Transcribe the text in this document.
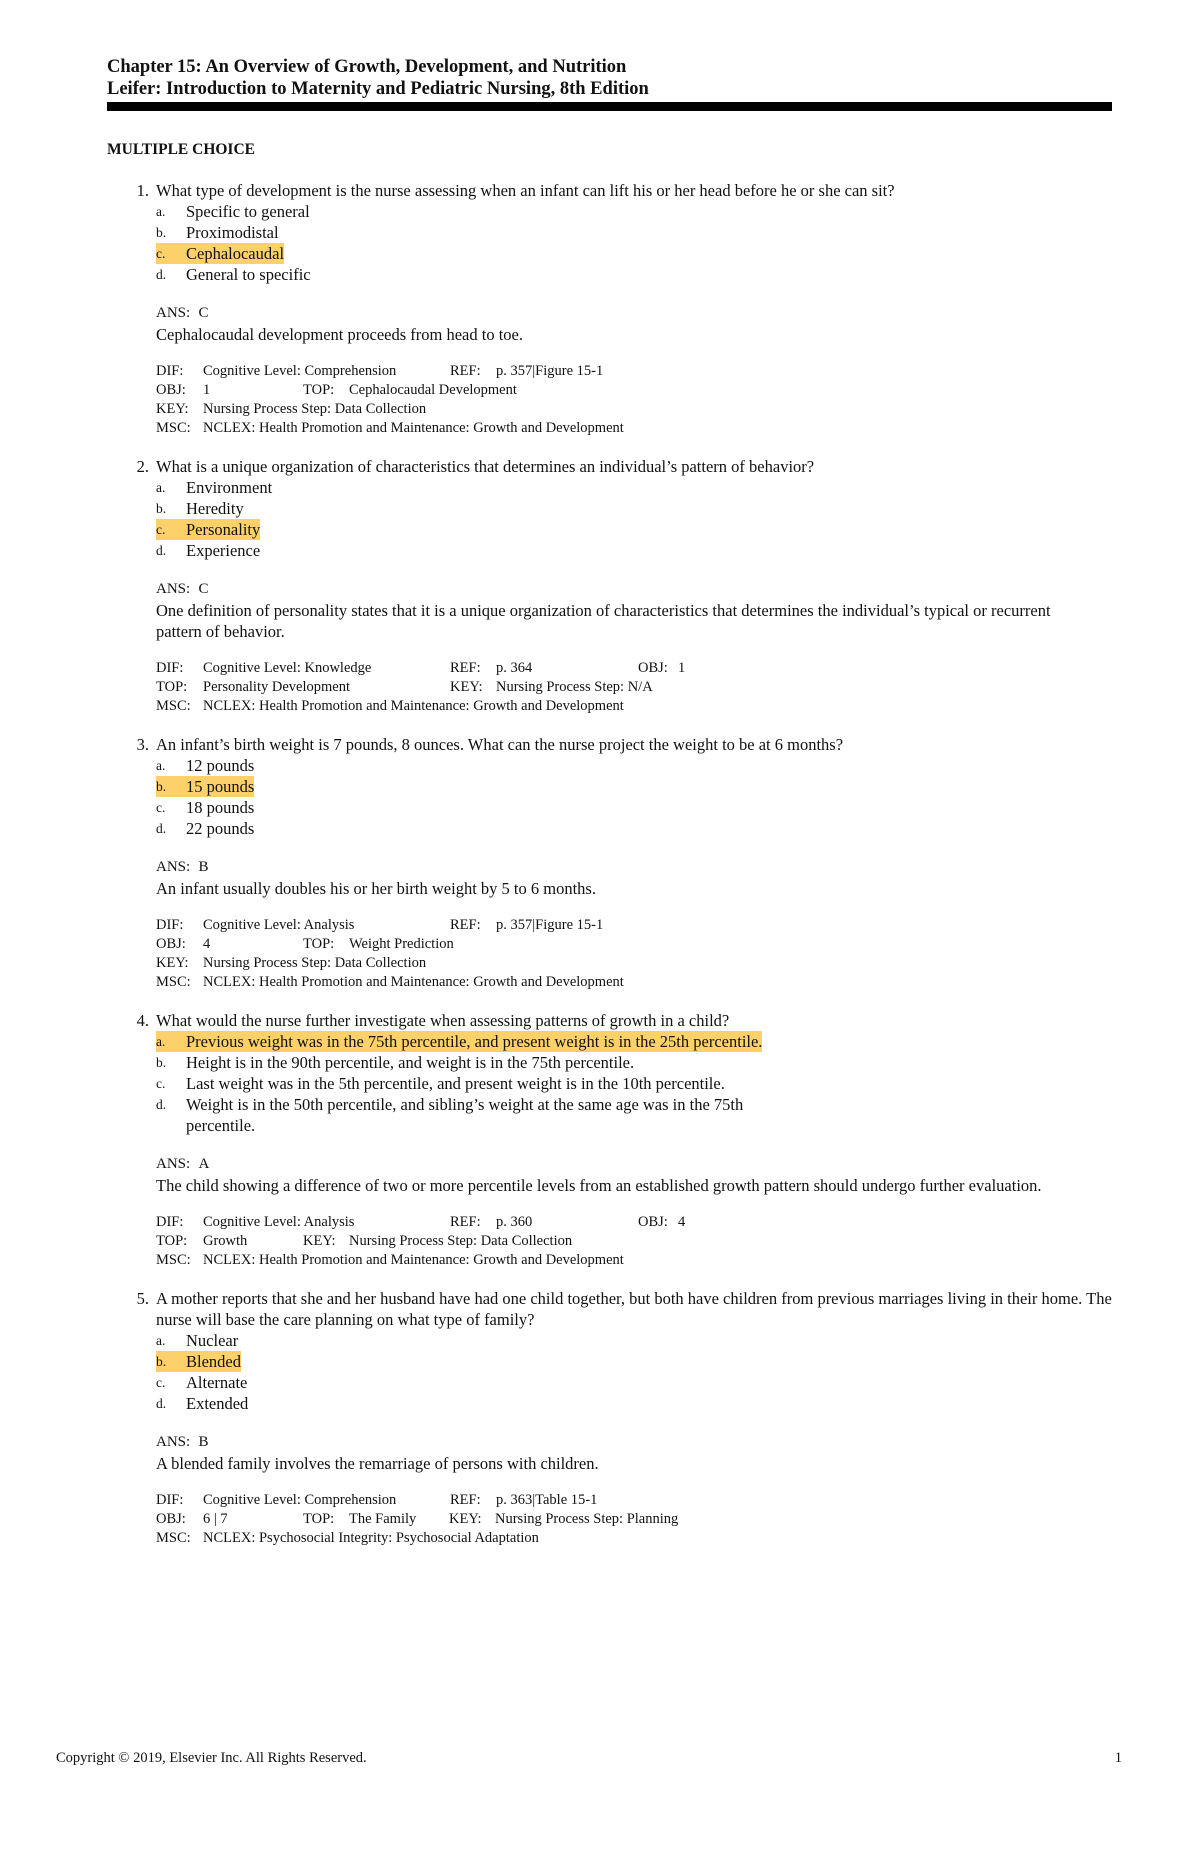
Chapter 15: An Overview of Growth, Development, and Nutrition
Leifer: Introduction to Maternity and Pediatric Nursing, 8th Edition
MULTIPLE CHOICE
1. What type of development is the nurse assessing when an infant can lift his or her head before he or she can sit?
a.	Specific to general
b.	Proximodistal
c.	Cephalocaudal
d.	General to specific
ANS: C
Cephalocaudal development proceeds from head to toe.
DIF:	Cognitive Level: Comprehension	REF:	p. 357|Figure 15-1
OBJ:	1	TOP:	Cephalocaudal Development
KEY:	Nursing Process Step: Data Collection
MSC: NCLEX: Health Promotion and Maintenance: Growth and Development
2. What is a unique organization of characteristics that determines an individual’s pattern of behavior?
a.	Environment
b.	Heredity
c.	Personality
d.	Experience
ANS: C
One definition of personality states that it is a unique organization of characteristics that determines the individual’s typical or recurrent pattern of behavior.
DIF:	Cognitive Level: Knowledge	REF:	p. 364	OBJ: 1
TOP:	Personality Development	KEY: Nursing Process Step: N/A
MSC: NCLEX: Health Promotion and Maintenance: Growth and Development
3. An infant’s birth weight is 7 pounds, 8 ounces. What can the nurse project the weight to be at 6 months?
a.	12 pounds
b.	15 pounds
c.	18 pounds
d.	22 pounds
ANS: B
An infant usually doubles his or her birth weight by 5 to 6 months.
DIF:	Cognitive Level: Analysis	REF:	p. 357|Figure 15-1
OBJ:	4	TOP:	Weight Prediction
KEY:	Nursing Process Step: Data Collection
MSC: NCLEX: Health Promotion and Maintenance: Growth and Development
4. What would the nurse further investigate when assessing patterns of growth in a child?
a.	Previous weight was in the 75th percentile, and present weight is in the 25th percentile.
b.	Height is in the 90th percentile, and weight is in the 75th percentile.
c.	Last weight was in the 5th percentile, and present weight is in the 10th percentile.
d.	Weight is in the 50th percentile, and sibling’s weight at the same age was in the 75th percentile.
ANS: A
The child showing a difference of two or more percentile levels from an established growth pattern should undergo further evaluation.
DIF:	Cognitive Level: Analysis	REF:	p. 360	OBJ: 4
TOP:	Growth	KEY: Nursing Process Step: Data Collection
MSC: NCLEX: Health Promotion and Maintenance: Growth and Development
5. A mother reports that she and her husband have had one child together, but both have children from previous marriages living in their home. The nurse will base the care planning on what type of family?
a.	Nuclear
b.	Blended
c.	Alternate
d.	Extended
ANS: B
A blended family involves the remarriage of persons with children.
DIF:	Cognitive Level: Comprehension	REF:	p. 363|Table 15-1
OBJ:	6 | 7	TOP:	The Family	KEY: Nursing Process Step: Planning
MSC: NCLEX: Psychosocial Integrity: Psychosocial Adaptation
Copyright © 2019, Elsevier Inc. All Rights Reserved.	1
